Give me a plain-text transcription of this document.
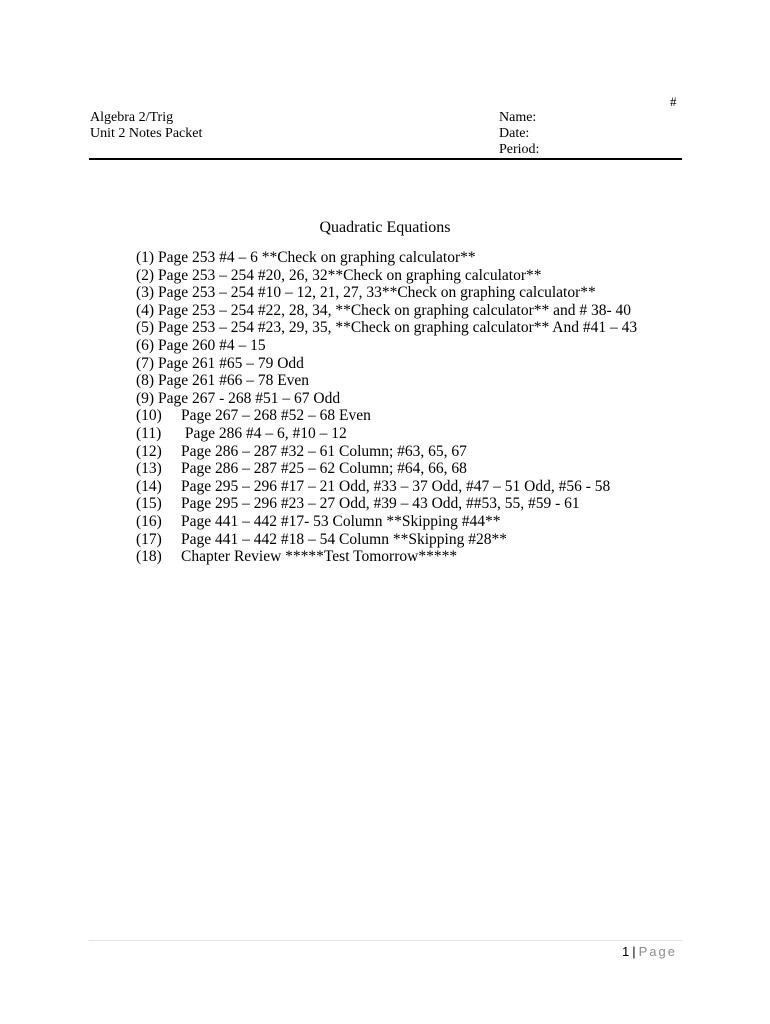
#
Algebra 2/Trig
Unit 2 Notes Packet
Name:
Date:
Period:
Quadratic Equations
(1) Page 253 #4 – 6 **Check on graphing calculator**
(2) Page 253 – 254 #20, 26, 32**Check on graphing calculator**
(3) Page 253 – 254 #10 – 12, 21, 27, 33**Check on graphing calculator**
(4) Page 253 – 254 #22, 28, 34, **Check on graphing calculator** and # 38- 40
(5) Page 253 – 254 #23, 29, 35, **Check on graphing calculator** And #41 – 43
(6) Page 260 #4 – 15
(7) Page 261 #65 – 79 Odd
(8) Page 261 #66 – 78 Even
(9) Page 267 - 268 #51 – 67 Odd
(10) Page 267 – 268 #52 – 68 Even
(11) Page 286 #4 – 6, #10 – 12
(12) Page 286 – 287 #32 – 61 Column; #63, 65, 67
(13) Page 286 – 287 #25 – 62 Column; #64, 66, 68
(14) Page 295 – 296 #17 – 21 Odd, #33 – 37 Odd, #47 – 51 Odd, #56 - 58
(15) Page 295 – 296 #23 – 27 Odd, #39 – 43 Odd, ##53, 55, #59 - 61
(16) Page 441 – 442 #17- 53 Column **Skipping #44**
(17) Page 441 – 442 #18 – 54 Column **Skipping #28**
(18) Chapter Review *****Test Tomorrow*****
1 | Page
